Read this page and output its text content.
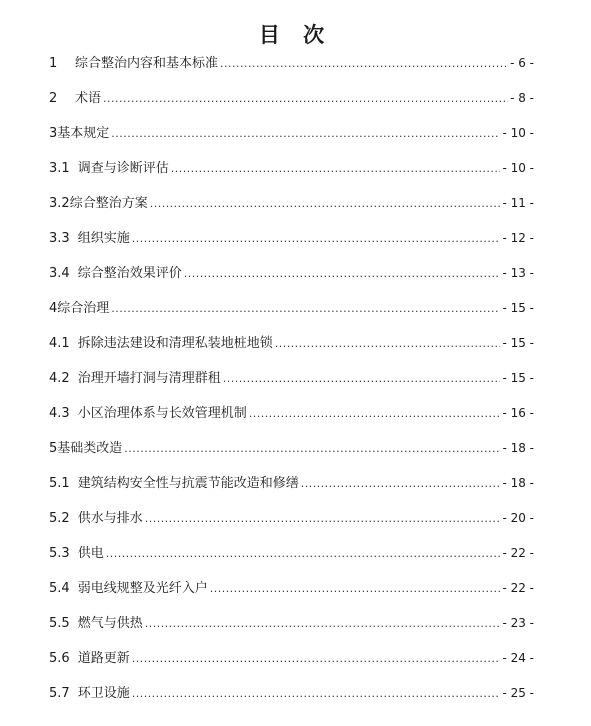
目 次
1	综合整治内容和基本标准 .....	- 6 -
2	术语 .....	- 8 -
3 基本规定 .....	- 10 -
3.1 调查与诊断评估 .....	- 10 -
3.2 综合整治方案 .....	- 11 -
3.3 组织实施 .....	- 12 -
3.4 综合整治效果评价 .....	- 13 -
4 综合治理 .....	- 15 -
4.1 拆除违法建设和清理私装地桩地锁 .....	- 15 -
4.2 治理开墙打洞与清理群租 .....	- 15 -
4.3 小区治理体系与长效管理机制 .....	- 16 -
5 基础类改造 .....	- 18 -
5.1 建筑结构安全性与抗震节能改造和修缮 .....	- 18 -
5.2 供水与排水 .....	- 20 -
5.3 供电 .....	- 22 -
5.4 弱电线规整及光纤入户 .....	- 22 -
5.5 燃气与供热 .....	- 23 -
5.6 道路更新 .....	- 24 -
5.7 环卫设施 .....	- 25 -
